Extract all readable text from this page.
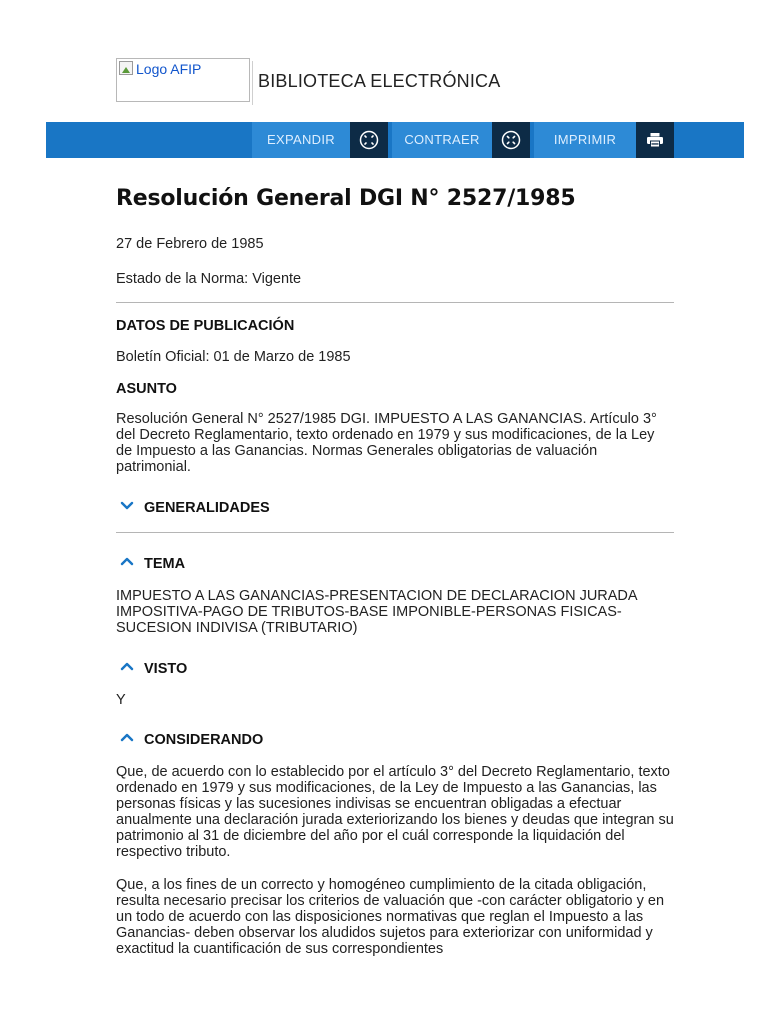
Logo AFIP
BIBLIOTECA ELECTRÓNICA
EXPANDIR	CONTRAER	IMPRIMIR
Resolución General DGI N° 2527/1985

27 de Febrero de 1985

Estado de la Norma: Vigente

DATOS DE PUBLICACIÓN

Boletín Oficial: 01 de Marzo de 1985

ASUNTO

Resolución General N° 2527/1985 DGI. IMPUESTO A LAS GANANCIAS. Artículo 3° del Decreto Reglamentario, texto ordenado en 1979 y sus modificaciones, de la Ley de Impuesto a las Ganancias. Normas Generales obligatorias de valuación patrimonial.

GENERALIDADES
TEMA

IMPUESTO A LAS GANANCIAS-PRESENTACION DE DECLARACION JURADA IMPOSITIVA-PAGO DE TRIBUTOS-BASE IMPONIBLE-PERSONAS FISICAS-SUCESION INDIVISA (TRIBUTARIO)

VISTO

Y

CONSIDERANDO

Que, de acuerdo con lo establecido por el artículo 3° del Decreto Reglamentario, texto ordenado en 1979 y sus modificaciones, de la Ley de Impuesto a las Ganancias, las personas físicas y las sucesiones indivisas se encuentran obligadas a efectuar anualmente una declaración jurada exteriorizando los bienes y deudas que integran su patrimonio al 31 de diciembre del año por el cuál corresponde la liquidación del respectivo tributo.

Que, a los fines de un correcto y homogéneo cumplimiento de la citada obligación, resulta necesario precisar los criterios de valuación que -con carácter obligatorio y en un todo de acuerdo con las disposiciones normativas que reglan el Impuesto a las Ganancias- deben observar los aludidos sujetos para exteriorizar con uniformidad y exactitud la cuantificación de sus correspondientes
